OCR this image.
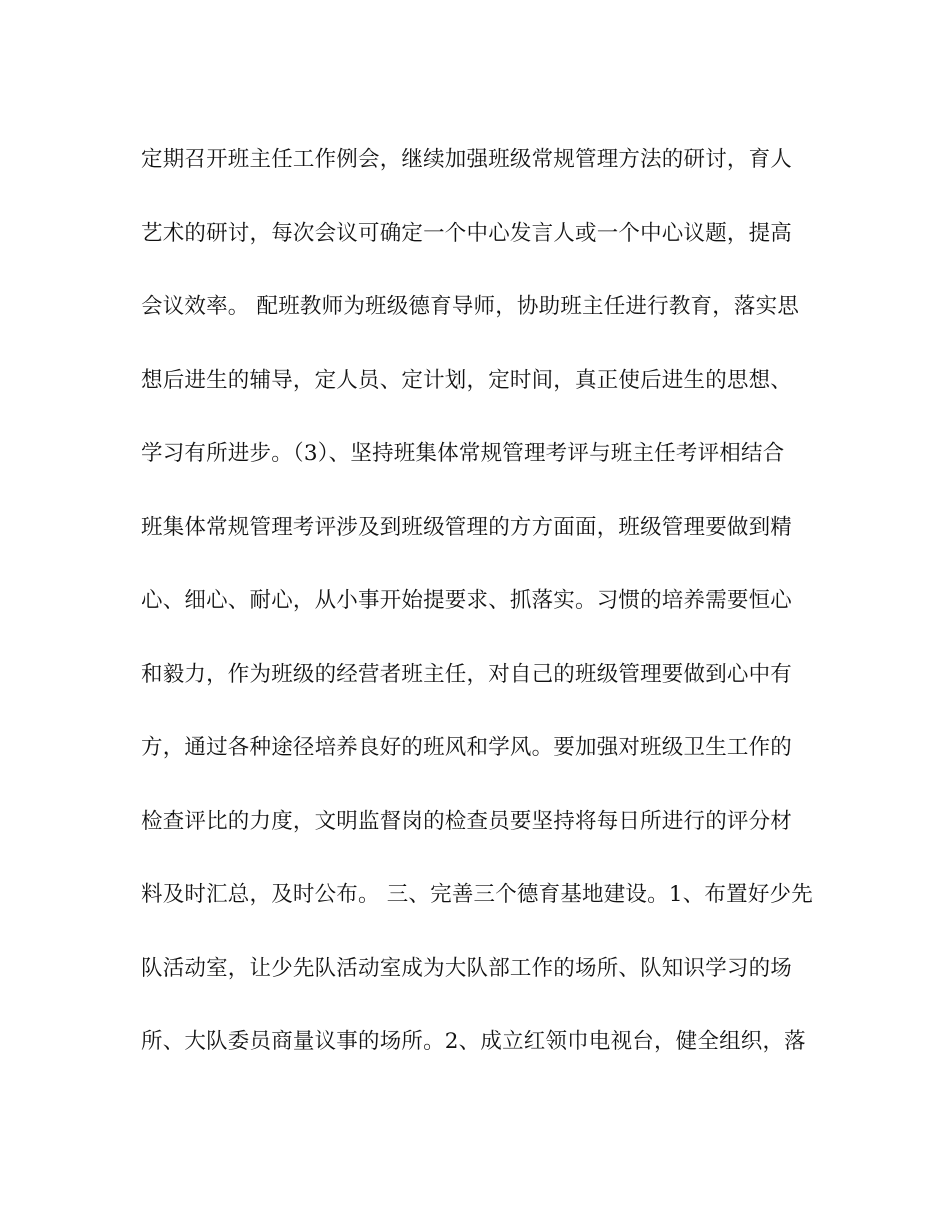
定期召开班主任工作例会，继续加强班级常规管理方法的研讨，育人
艺术的研讨，每次会议可确定一个中心发言人或一个中心议题，提高
会议效率。 配班教师为班级德育导师，协助班主任进行教育，落实思
想后进生的辅导，定人员、定计划，定时间，真正使后进生的思想、
学习有所进步。（3）、坚持班集体常规管理考评与班主任考评相结合
班集体常规管理考评涉及到班级管理的方方面面，班级管理要做到精
心、细心、耐心，从小事开始提要求、抓落实。习惯的培养需要恒心
和毅力，作为班级的经营者班主任，对自己的班级管理要做到心中有
方，通过各种途径培养良好的班风和学风。要加强对班级卫生工作的
检查评比的力度，文明监督岗的检查员要坚持将每日所进行的评分材
料及时汇总，及时公布。 三、完善三个德育基地建设。1、布置好少先
队活动室，让少先队活动室成为大队部工作的场所、队知识学习的场
所、大队委员商量议事的场所。2、成立红领巾电视台，健全组织，落
